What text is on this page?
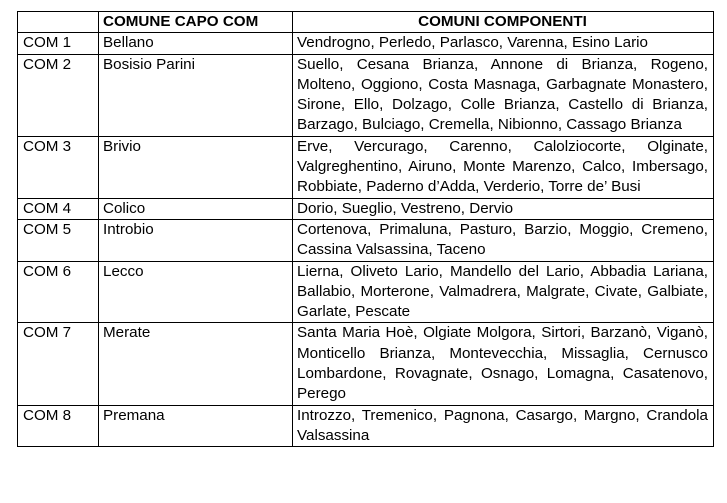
	COMUNE CAPO COM	COMUNI COMPONENTI
COM 1	Bellano	Vendrogno, Perledo, Parlasco, Varenna, Esino Lario
COM 2	Bosisio Parini	Suello, Cesana Brianza, Annone di Brianza, Rogeno, Molteno, Oggiono, Costa Masnaga, Garbagnate Monastero, Sirone, Ello, Dolzago, Colle Brianza, Castello di Brianza, Barzago, Bulciago, Cremella, Nibionno, Cassago Brianza
COM 3	Brivio	Erve, Vercurago, Carenno, Calolziocorte, Olginate, Valgreghentino, Airuno, Monte Marenzo, Calco, Imbersago, Robbiate, Paderno d’Adda, Verderio, Torre de’ Busi
COM 4	Colico	Dorio, Sueglio, Vestreno, Dervio
COM 5	Introbio	Cortenova, Primaluna, Pasturo, Barzio, Moggio, Cremeno, Cassina Valsassina, Taceno
COM 6	Lecco	Lierna, Oliveto Lario, Mandello del Lario, Abbadia Lariana, Ballabio, Morterone, Valmadrera, Malgrate, Civate, Galbiate, Garlate, Pescate
COM 7	Merate	Santa Maria Hoè, Olgiate Molgora, Sirtori, Barzanò, Viganò, Monticello Brianza, Montevecchia, Missaglia, Cernusco Lombardone, Rovagnate, Osnago, Lomagna, Casatenovo, Perego
COM 8	Premana	Introzzo, Tremenico, Pagnona, Casargo, Margno, Crandola Valsassina
